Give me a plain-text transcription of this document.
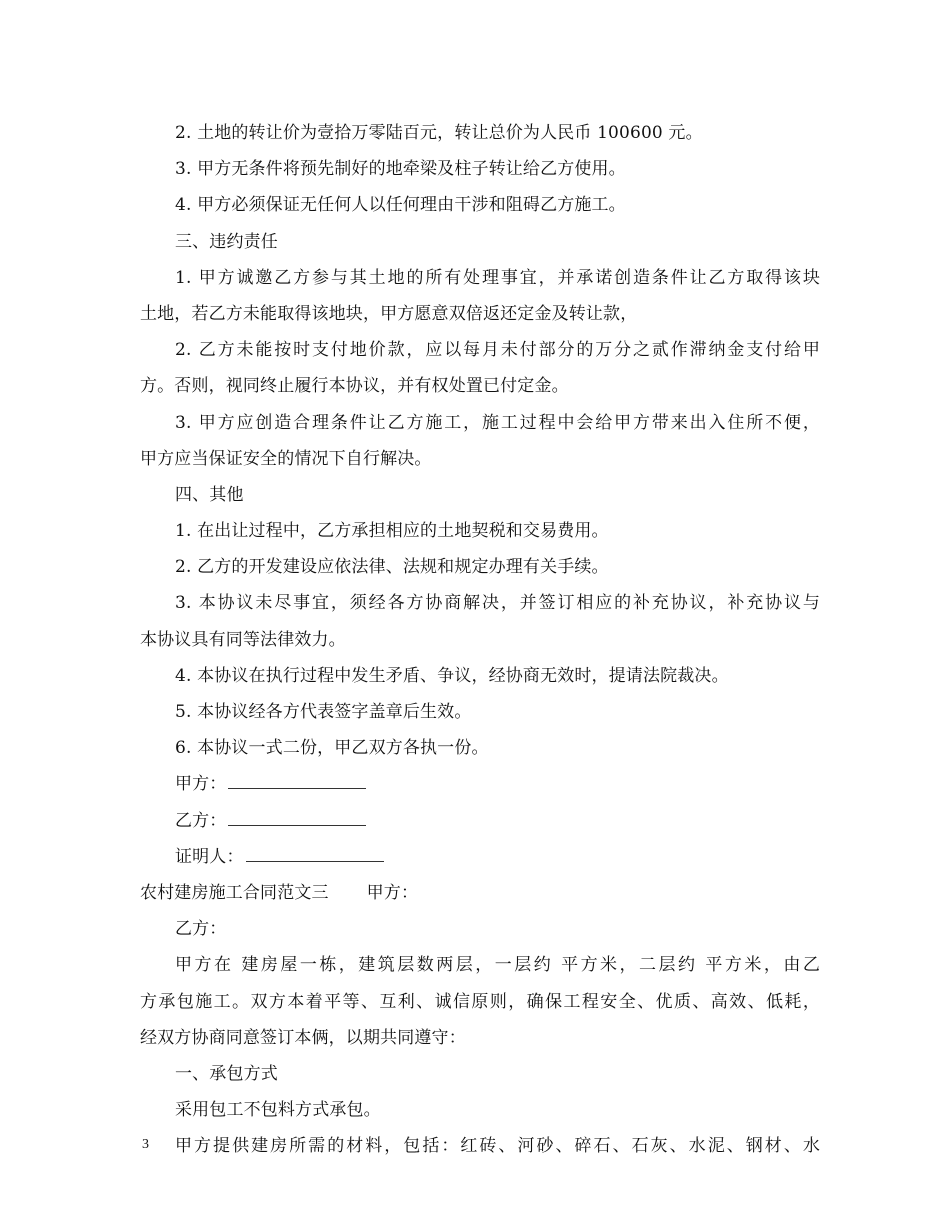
2. 土地的转让价为壹拾万零陆百元，转让总价为人民币 100600 元。
3. 甲方无条件将预先制好的地牵梁及柱子转让给乙方使用。
4. 甲方必须保证无任何人以任何理由干涉和阻碍乙方施工。
三、违约责任
1. 甲方诚邀乙方参与其土地的所有处理事宜，并承诺创造条件让乙方取得该块
土地，若乙方未能取得该地块，甲方愿意双倍返还定金及转让款，
2. 乙方未能按时支付地价款，应以每月未付部分的万分之贰作滞纳金支付给甲
方。否则，视同终止履行本协议，并有权处置已付定金。
3. 甲方应创造合理条件让乙方施工，施工过程中会给甲方带来出入住所不便，
甲方应当保证安全的情况下自行解决。
四、其他
1. 在出让过程中，乙方承担相应的土地契税和交易费用。
2. 乙方的开发建设应依法律、法规和规定办理有关手续。
3. 本协议未尽事宜，须经各方协商解决，并签订相应的补充协议，补充协议与
本协议具有同等法律效力。
4. 本协议在执行过程中发生矛盾、争议，经协商无效时，提请法院裁决。
5. 本协议经各方代表签字盖章后生效。
6. 本协议一式二份，甲乙双方各执一份。
甲方：
乙方：
证明人：
农村建房施工合同范文三 甲方：
乙方：
甲方在 建房屋一栋，建筑层数两层，一层约 平方米，二层约 平方米，由乙
方承包施工。双方本着平等、互利、诚信原则，确保工程安全、优质、高效、低耗，
经双方协商同意签订本俩，以期共同遵守：
一、承包方式
采用包工不包料方式承包。
甲方提供建房所需的材料，包括：红砖、河砂、碎石、石灰、水泥、钢材、水
3
